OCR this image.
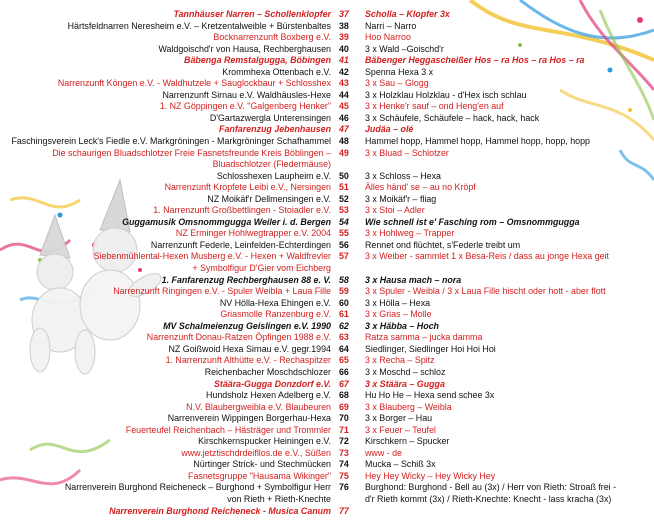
Tannhäuser Narren – Schollenklopfer 37	Scholla – Klopfer 3x
Härtsfeldnarren Neresheim e.V. – Kretzentalweible + Bürstenbaltes 38	Narri – Narro
Bocknarrenzunft Boxberg e.V. 39	Hoo Narroo
Waldgoischd'r von Hausa, Rechberghausen 40	3 x Wald –Goischd'r
Bäbenga Remstalgugga, Böbingen 41	Bäbenger Heggascheißer Hos – ra Hos – ra Hos – ra
Krommhexa Ottenbach e.V. 42	Spenna Hexa 3 x
Narrenzunft Köngen e.V. - Waldhutzele + Sauglockbaur + Schlosshex 43	3 x Sau – Glogg
Narrenzunft Sirnau e.V. Waldhäusles-Hexe 44	3 x Holzklau Holzklau - d'Hex isch schlau
1. NZ Göppingen e.V. "Galgenberg Henker" 45	3 x Henke'r sauf – ond Heng'en auf
D'Gartazwergla Unterensingen 46	3 x Schäufele, Schäufele – hack, hack, hack
Fanfarenzug Jebenhausen 47	Judäa – olé
Faschingsverein Leck's Fiedle e.V. Markgröningen - Markgröninger Schafhammel 48	Hammel hopp, Hammel hopp, Hammel hopp, hopp, hopp
Die schaurigen Bluadschlotzer Freie Fasnetsfreunde Kreis Böblingen – 49	3 x Bluad – Schlotzer
Bluadschlotzer (Fledermäuse)
Schlosshexen Laupheim e.V. 50	3 x Schloss – Hexa
Narrenzunft Kropfete Leibi e.V., Nersingen 51	Älles händ' se – au no Kröpf
NZ Moikäf'r Dellmensingen e.V. 52	3 x Moikäf'r – fliag
1. Narrenzunft Großbettlingen - Stoiadler e.V. 53	3 x Stoi – Adler
Guggamusik Omsnommgugga Weiler i. d. Bergen 54	Wie schnell ist e' Fasching rom – Omsnommgugga
NZ Erminger Hohlwegtrapper e.V. 2004 55	3 x Hohlweg – Trapper
Narrenzunft Federle, Leinfelden-Echterdingen 56	Rennet ond flüchtet, s'Federle treibt um
Siebenmühlental-Hexen Musberg e.V. - Hexen + Waldfrevler 57	3 x Weiber - sammlet 1 x Besa-Reis / dass au jonge Hexa geit
+ Symbolfigur D'Gier vom Eichberg
1. Fanfarenzug Rechberghausen 88 e. V. 58	3 x Hausa mach – nora
Narrenzunft Ringingen e.V. - Spuler Weibla + Laua Fille 59	3 x Spuler - Weibla / 3 x Laua Fille hischt oder hott - aber flott
NV Hölla-Hexa Ehingen e.V. 60	3 x Hölla – Hexa
Griasmolle Ranzenburg e.V. 61	3 x Grias – Molle
MV Schalmeienzug Geislingen e.V. 1990 62	3 x Häbba – Hoch
Narrenzunft Donau-Ratzen Öpfingen 1988 e.V. 63	Ratza samma – jucka damma
NZ Goißwoid Hexa Sirnau e.V. gegr.1994 64	Siedlinger, Siedlinger Hoi Hoi Hoi
1. Narrenzunft Althütte e.V. - Rechaspitzer 65	3 x Recha – Spitz
Reichenbacher Moschdschlozer 66	3 x Moschd – schloz
Stäära-Gugga Donzdorf e.V. 67	3 x Stäära – Gugga
Hundsholz Hexen Adelberg e.V. 68	Hu Ho He – Hexa send schee 3x
N.V. Blaubergweibla e.V. Blaubeuren 69	3 x Blauberg – Weibla
Narrenverein Wippingen Borgerhau-Hexa 70	3 x Borger – Hau
Feuerteufel Reichenbach – Hästräger und Trommler 71	3 x Feuer – Teufel
Kirschkernspucker Heiningen e.V. 72	Kirschkern – Spucker
www.jetztischdrdeifllos.de e.V., Süßen 73	www - de
Nürtinger Strick- und Stechmücken 74	Mucka – Schiß 3x
Fasnetsgruppe "Hausama Wikinger" 75	Hey Hey Wicky – Hey Wicky Hey
Narrenverein Burghond Reicheneck – Burghond + Symbolfigur Herr 76	Burghond: Burghond - Bell au (3x) / Herr von Rieth: Stroaß frei -
von Rieth + Rieth-Knechte	d'r Rieth kommt (3x) / Rieth-Knechte: Knecht - lass kracha (3x)
Narrenverein Burghond Reicheneck - Musica Canum 77
